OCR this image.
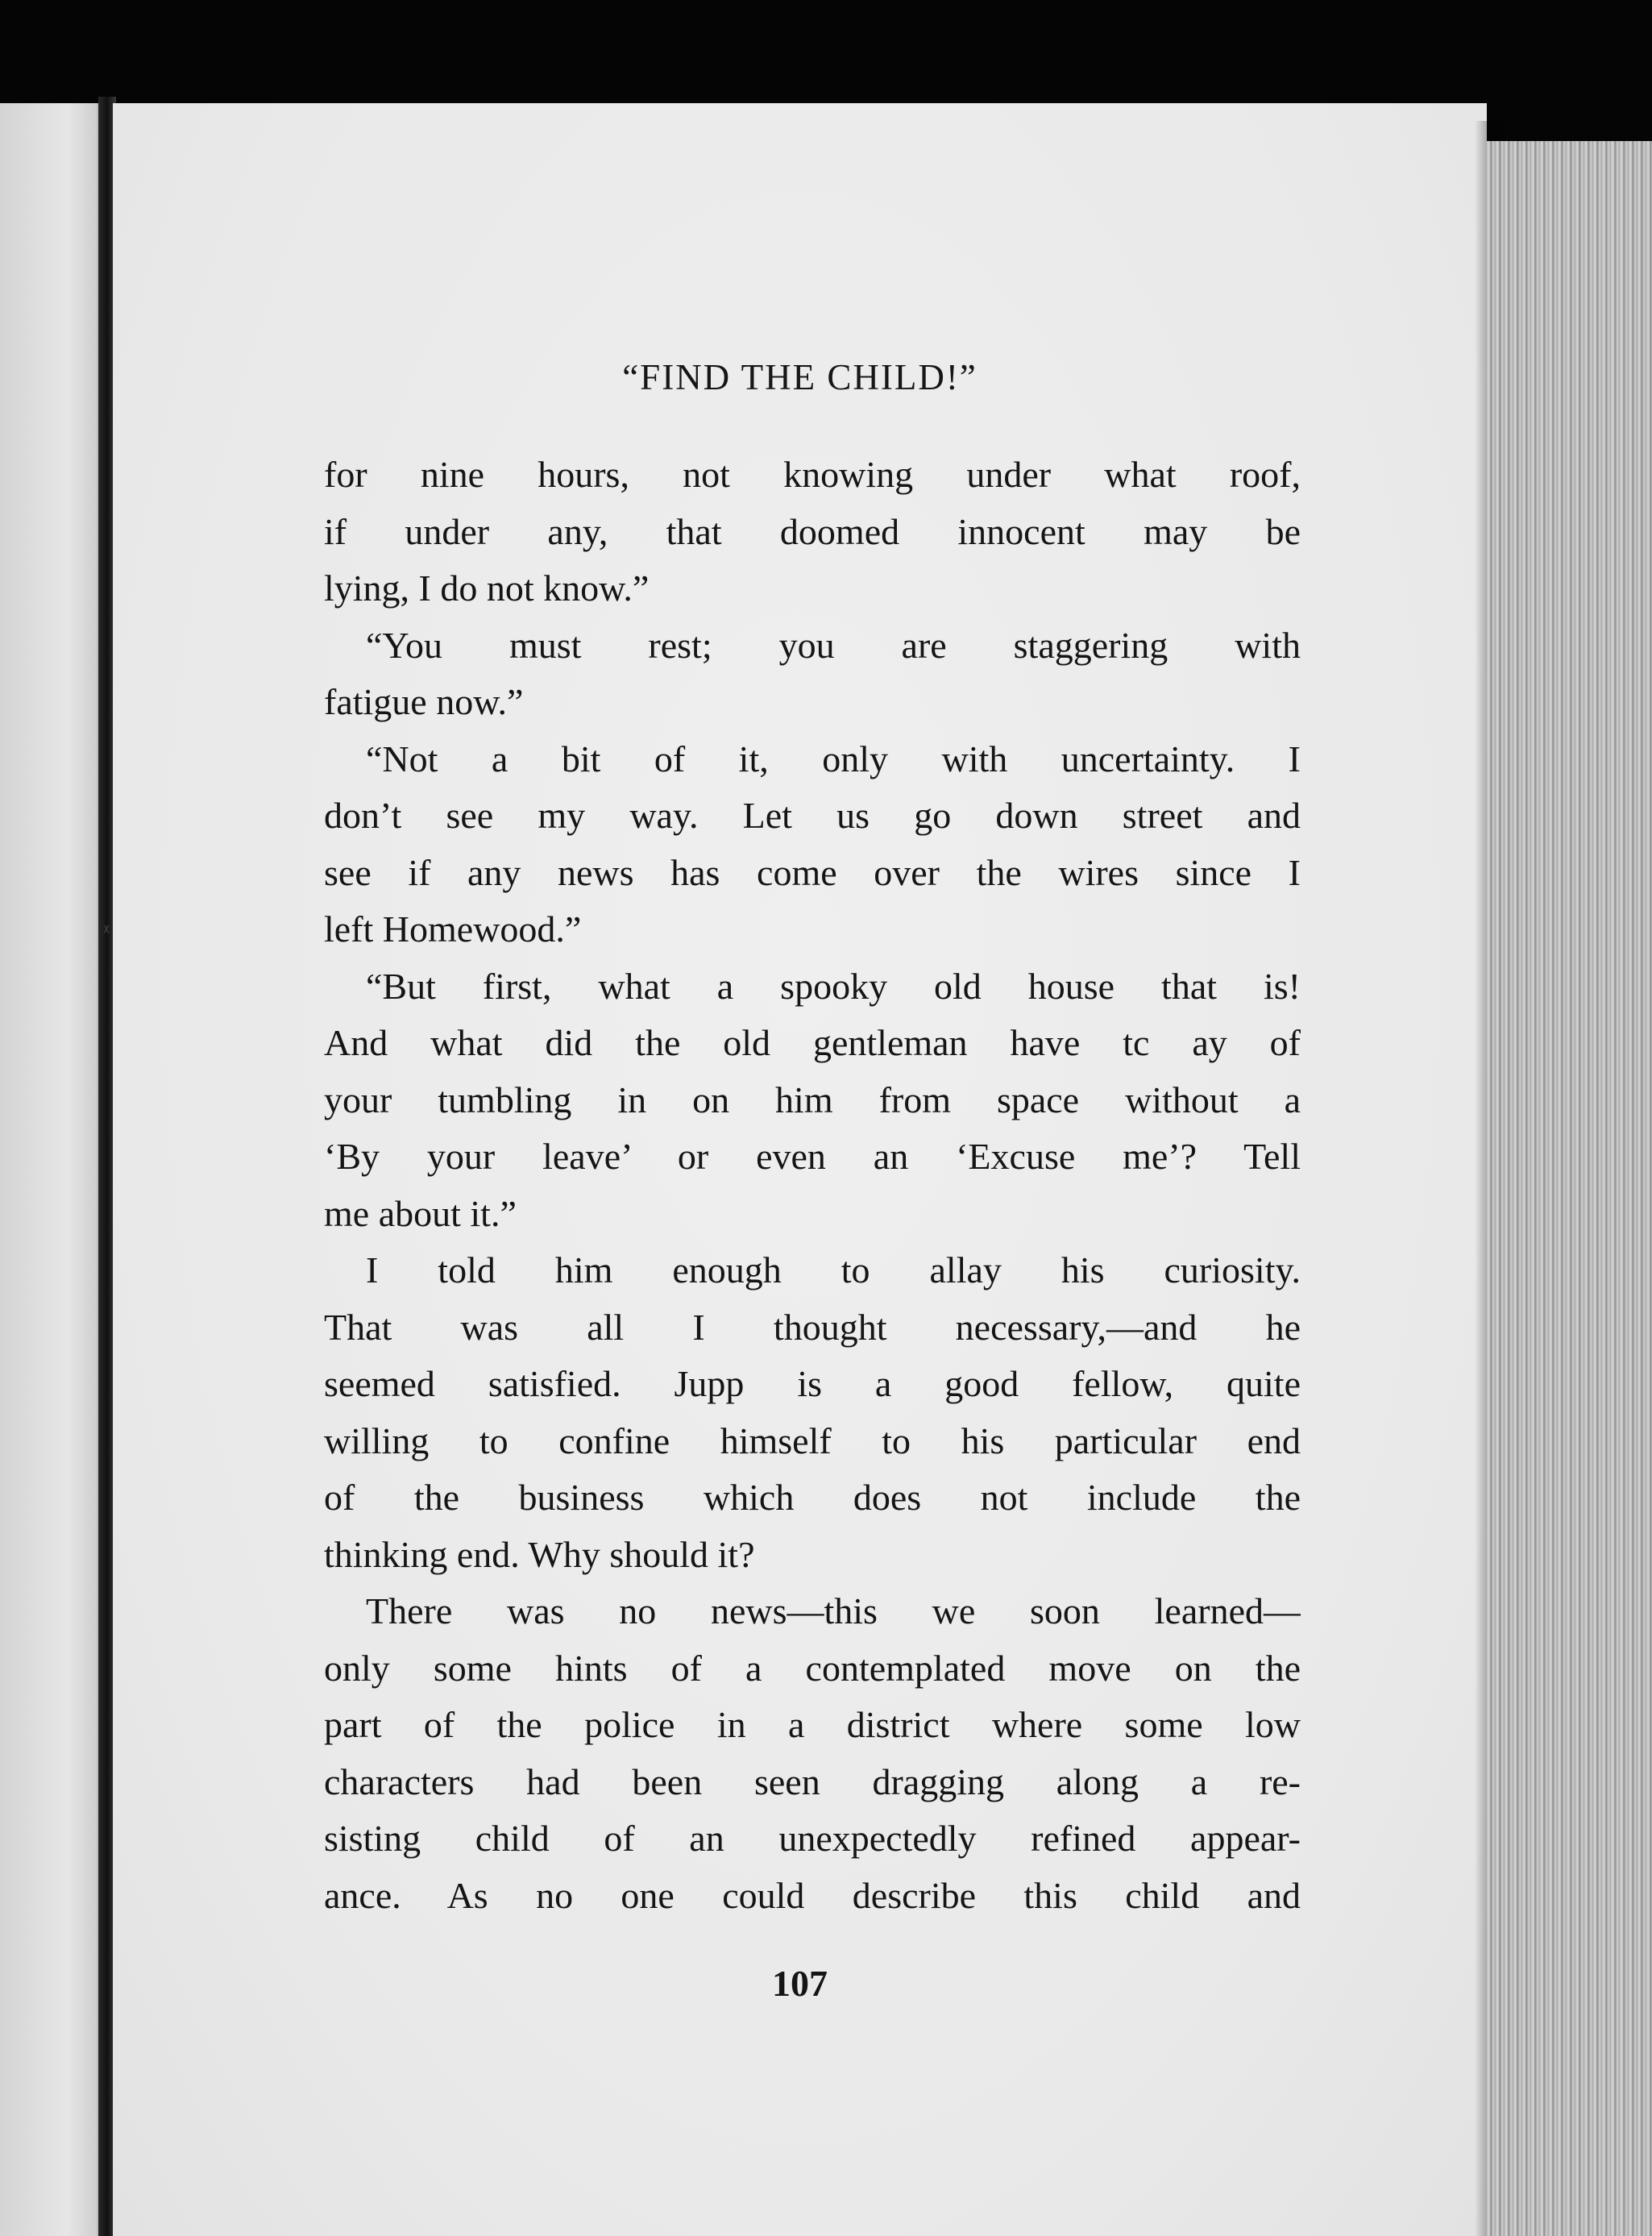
ᵡ
“FIND THE CHILD!”
for nine hours, not knowing under what roof,
if under any, that doomed innocent may be
lying, I do not know.”
“You must rest; you are staggering with
fatigue now.”
“Not a bit of it, only with uncertainty. I
don’t see my way. Let us go down street and
see if any news has come over the wires since I
left Homewood.”
“But first, what a spooky old house that is!
And what did the old gentleman have tc ay of
your tumbling in on him from space without a
‘By your leave’ or even an ‘Excuse me’? Tell
me about it.”
I told him enough to allay his curiosity.
That was all I thought necessary,—and he
seemed satisfied. Jupp is a good fellow, quite
willing to confine himself to his particular end
of the business which does not include the
thinking end. Why should it?
There was no news—this we soon learned—
only some hints of a contemplated move on the
part of the police in a district where some low
characters had been seen dragging along a re-
sisting child of an unexpectedly refined appear-
ance. As no one could describe this child and
107
